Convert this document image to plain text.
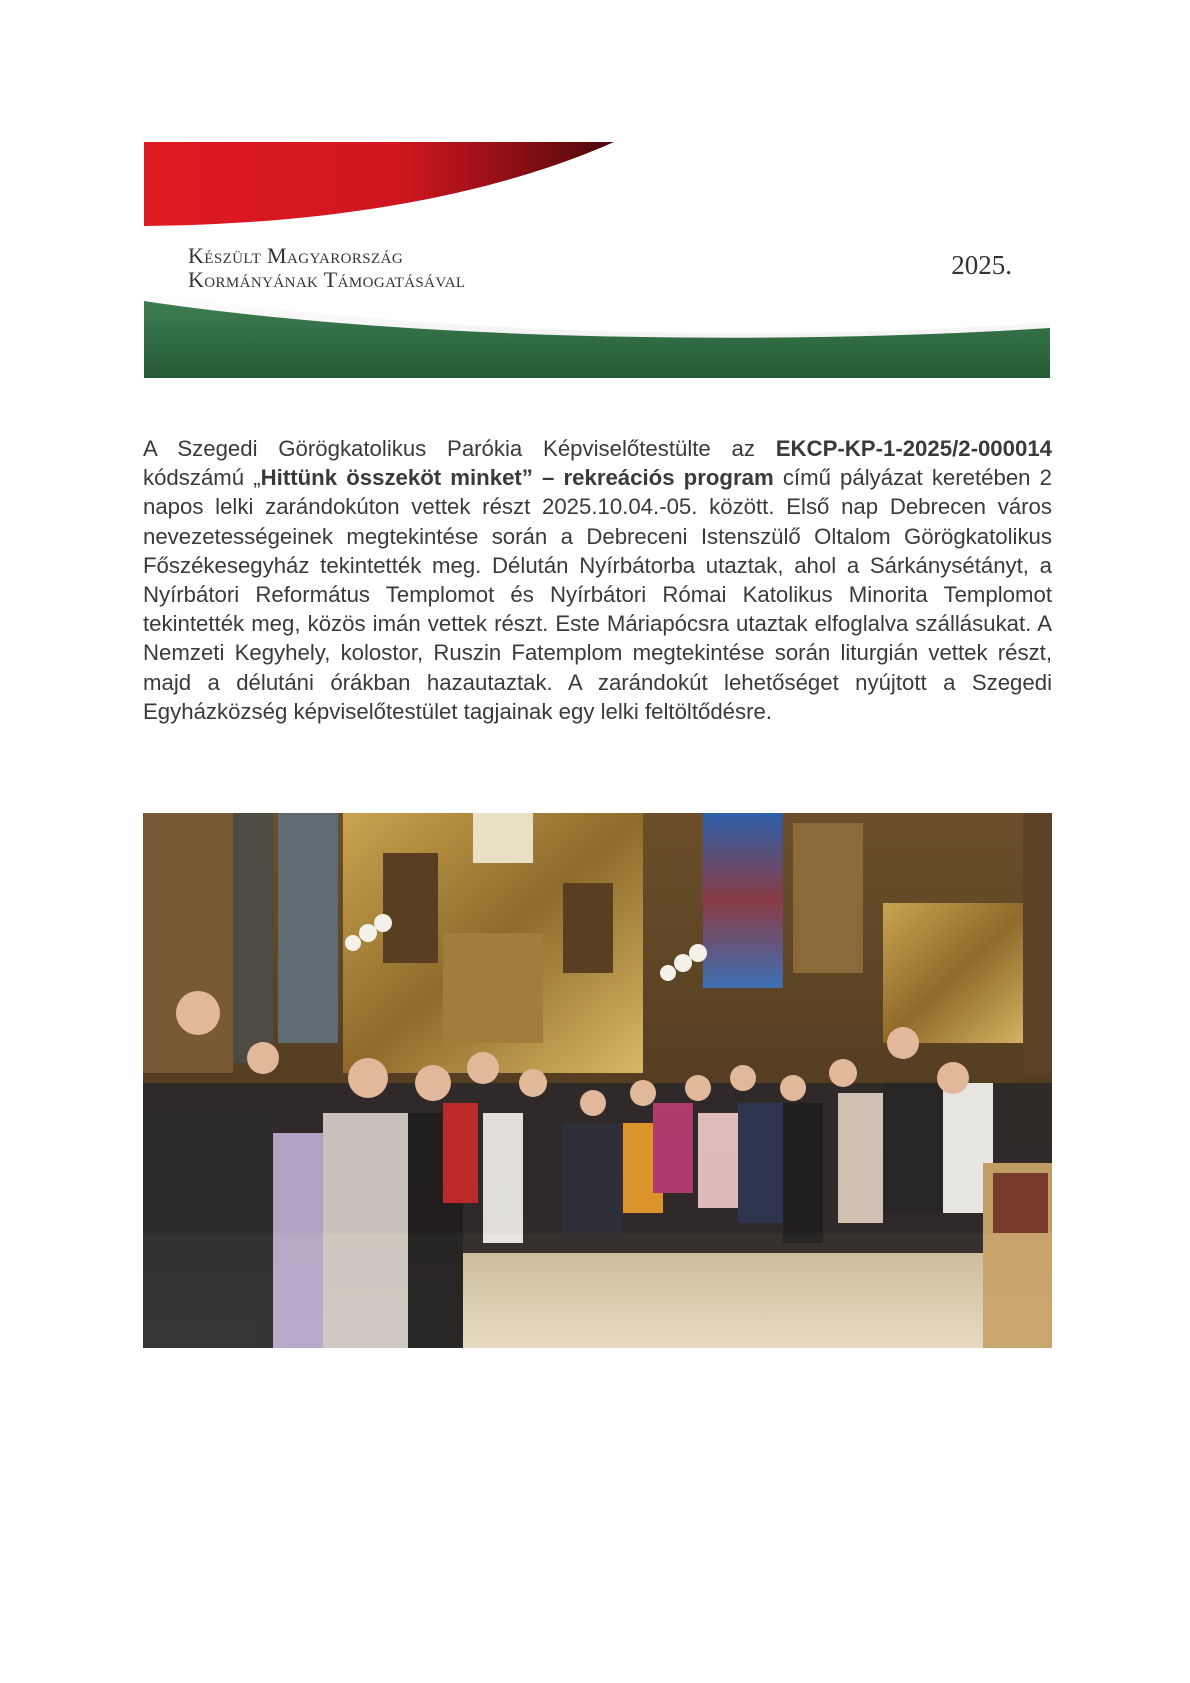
Készült Magyarország
Kormányának Támogatásával	2025.

A Szegedi Görögkatolikus Parókia Képviselőtestülte az EKCP-KP-1-2025/2-000014 kódszámú „Hittünk összeköt minket” – rekreációs program című pályázat keretében 2 napos lelki zarándokúton vettek részt 2025.10.04.-05. között. Első nap Debrecen város nevezetességeinek megtekintése során a Debreceni Istenszülő Oltalom Görögkatolikus Főszékesegyház tekintették meg. Délután Nyírbátorba utaztak, ahol a Sárkánysétányt, a Nyírbátori Református Templomot és Nyírbátori Római Katolikus Minorita Templomot tekintették meg, közös imán vettek részt. Este Máriapócsra utaztak elfoglalva szállásukat. A Nemzeti Kegyhely, kolostor, Ruszin Fatemplom megtekintése során liturgián vettek részt, majd a délutáni órákban hazautaztak. A zarándokút lehetőséget nyújtott a Szegedi Egyházközség képviselőtestület tagjainak egy lelki feltöltődésre.
